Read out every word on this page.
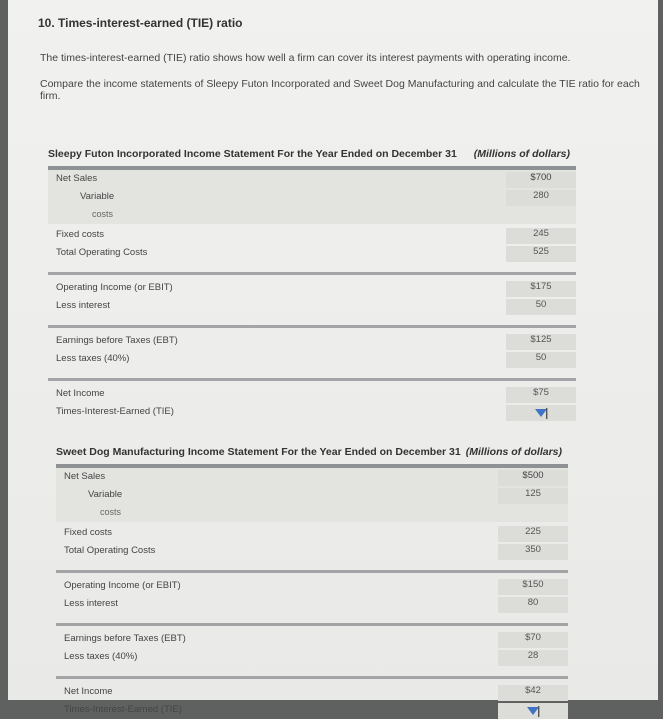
10. Times-interest-earned (TIE) ratio
The times-interest-earned (TIE) ratio shows how well a firm can cover its interest payments with operating income.
Compare the income statements of Sleepy Futon Incorporated and Sweet Dog Manufacturing and calculate the TIE ratio for each firm.
Sleepy Futon Incorporated Income Statement For the Year Ended on December 31 (Millions of dollars)
Net Sales	$700
Variable	280
costs
Fixed costs	245
Total Operating Costs	525
Operating Income (or EBIT)	$175
Less interest	50
Earnings before Taxes (EBT)	$125
Less taxes (40%)	50
Net Income	$75
Times-Interest-Earned (TIE)
Sweet Dog Manufacturing Income Statement For the Year Ended on December 31 (Millions of dollars)
Net Sales	$500
Variable	125
costs
Fixed costs	225
Total Operating Costs	350
Operating Income (or EBIT)	$150
Less interest	80
Earnings before Taxes (EBT)	$70
Less taxes (40%)	28
Net Income	$42
Times-Interest-Earned (TIE)
